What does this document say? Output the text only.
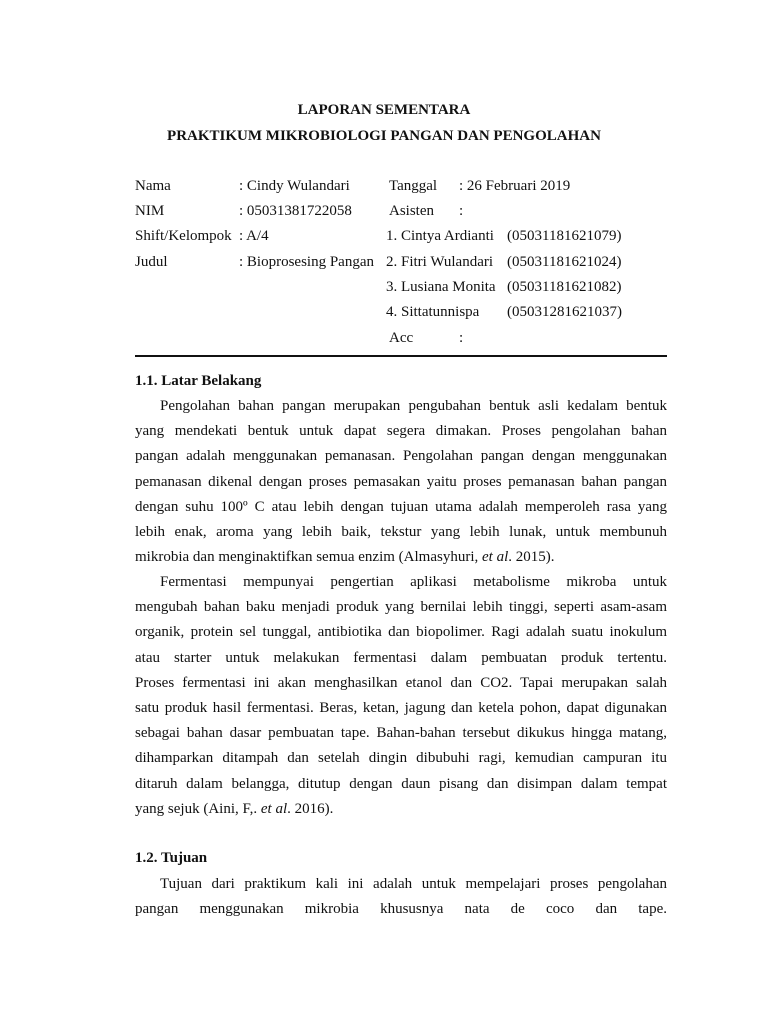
LAPORAN SEMENTARA
PRAKTIKUM MIKROBIOLOGI PANGAN DAN PENGOLAHAN
Nama	: Cindy Wulandari
NIM	: 05031381722058
Shift/Kelompok : A/4
Judul	: Bioprosesing Pangan
Tanggal : 26 Februari 2019
Asisten :
1. Cintya Ardianti (05031181621079)
2. Fitri Wulandari (05031181621024)
3. Lusiana Monita (05031181621082)
4. Sittatunnispa (05031281621037)
Acc	:
1.1. Latar Belakang
Pengolahan bahan pangan merupakan pengubahan bentuk asli kedalam bentuk
yang mendekati bentuk untuk dapat segera dimakan. Proses pengolahan bahan
pangan adalah menggunakan pemanasan. Pengolahan pangan dengan menggunakan
pemanasan dikenal dengan proses pemasakan yaitu proses pemanasan bahan pangan
dengan suhu 100º C atau lebih dengan tujuan utama adalah memperoleh rasa yang
lebih enak, aroma yang lebih baik, tekstur yang lebih lunak, untuk membunuh
mikrobia dan menginaktifkan semua enzim (Almasyhuri, et al. 2015).
Fermentasi mempunyai pengertian aplikasi metabolisme mikroba untuk
mengubah bahan baku menjadi produk yang bernilai lebih tinggi, seperti asam-asam
organik, protein sel tunggal, antibiotika dan biopolimer. Ragi adalah suatu inokulum
atau starter untuk melakukan fermentasi dalam pembuatan produk tertentu.
Proses fermentasi ini akan menghasilkan etanol dan CO2. Tapai merupakan salah
satu produk hasil fermentasi. Beras, ketan, jagung dan ketela pohon, dapat digunakan
sebagai bahan dasar pembuatan tape. Bahan-bahan tersebut dikukus hingga matang,
dihamparkan ditampah dan setelah dingin dibubuhi ragi, kemudian campuran itu
ditaruh dalam belangga, ditutup dengan daun pisang dan disimpan dalam tempat
yang sejuk (Aini, F,. et al. 2016).
1.2. Tujuan
Tujuan dari praktikum kali ini adalah untuk mempelajari proses pengolahan
pangan menggunakan mikrobia khususnya nata de coco dan tape.
